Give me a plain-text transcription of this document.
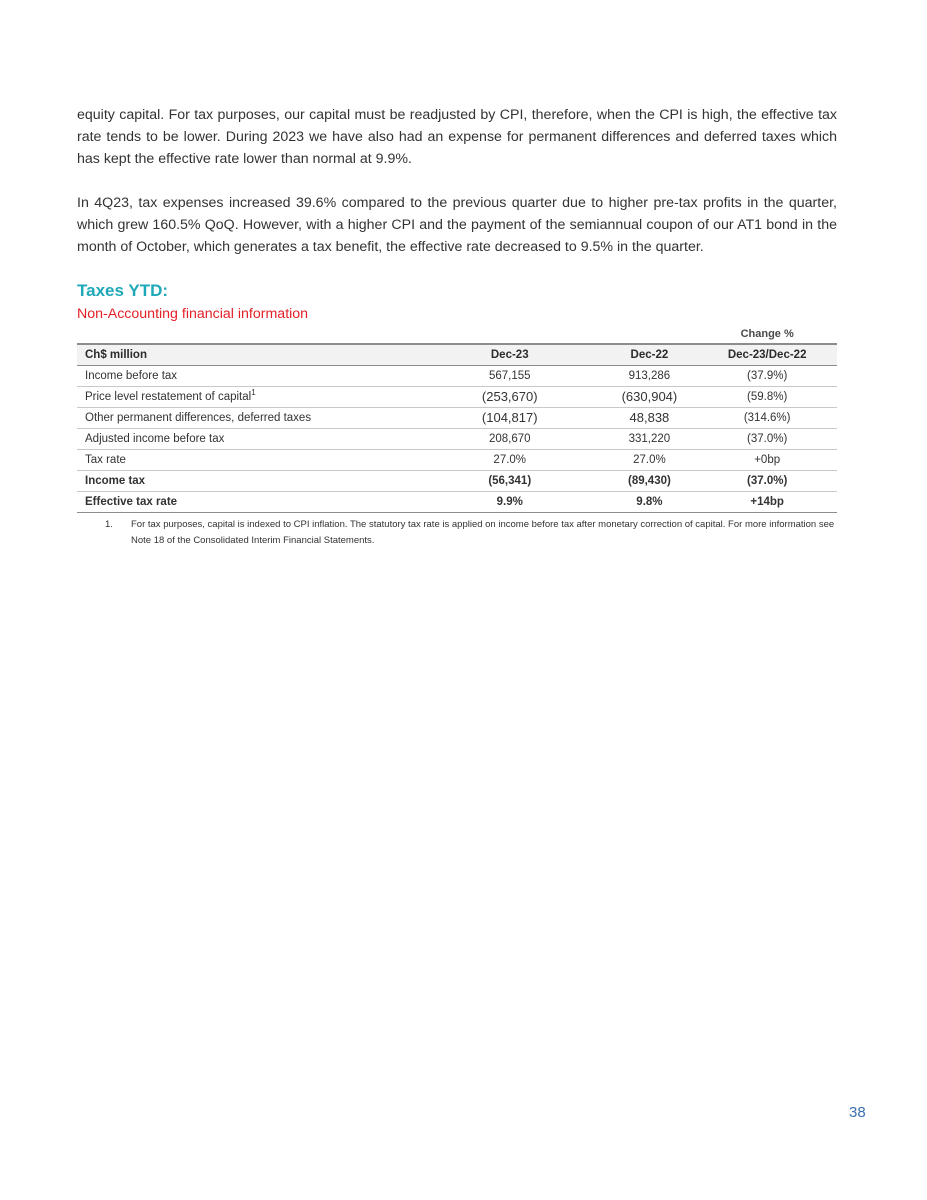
equity capital. For tax purposes, our capital must be readjusted by CPI, therefore, when the CPI is high, the effective tax rate tends to be lower. During 2023 we have also had an expense for permanent differences and deferred taxes which has kept the effective rate lower than normal at 9.9%.

In 4Q23, tax expenses increased 39.6% compared to the previous quarter due to higher pre-tax profits in the quarter, which grew 160.5% QoQ. However, with a higher CPI and the payment of the semiannual coupon of our AT1 bond in the month of October, which generates a tax benefit, the effective rate decreased to 9.5% in the quarter.

Taxes YTD:
Non-Accounting financial information
				Change %
Ch$ million	Dec-23		Dec-22	Dec-23/Dec-22
Income before tax	567,155		913,286	(37.9%)
Price level restatement of capital$^1$	(253,670)		(630,904)	(59.8%)
Other permanent differences, deferred taxes	(104,817)		48,838	(314.6%)
Adjusted income before tax	208,670		331,220	(37.0%)
Tax rate	27.0%		27.0%	+0bp
Income tax	(56,341)		(89,430)	(37.0%)
Effective tax rate	9.9%		9.8%	+14bp
1. For tax purposes, capital is indexed to CPI inflation. The statutory tax rate is applied on income before tax after monetary correction of capital. For more information see Note 18 of the Consolidated Interim Financial Statements.
38
